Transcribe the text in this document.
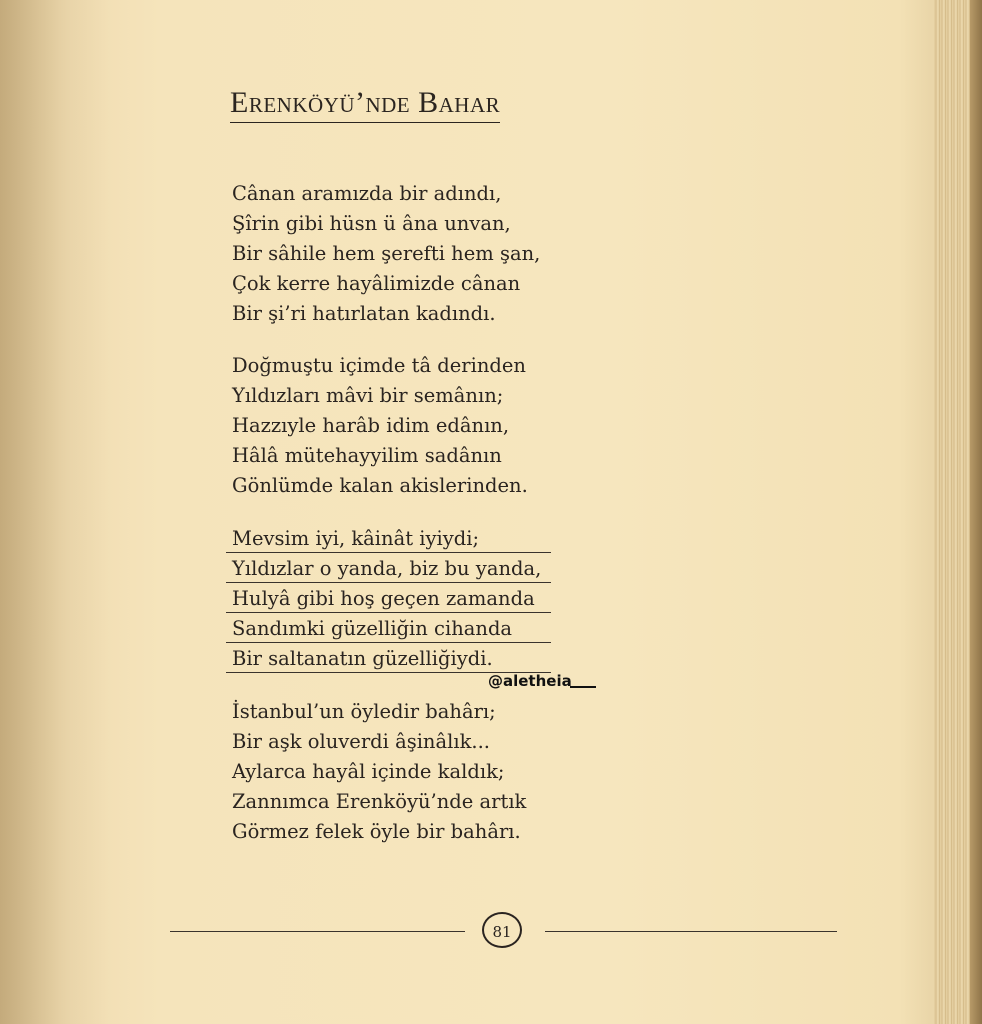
Erenköyü’nde Bahar
Cânan aramızda bir adındı,
Şîrin gibi hüsn ü âna unvan,
Bir sâhile hem şerefti hem şan,
Çok kerre hayâlimizde cânan
Bir şi’ri hatırlatan kadındı.
Doğmuştu içimde tâ derinden
Yıldızları mâvi bir semânın;
Hazzıyle harâb idim edânın,
Hâlâ mütehayyilim sadânın
Gönlümde kalan akislerinden.
Mevsim iyi, kâinât iyiydi;
Yıldızlar o yanda, biz bu yanda,
Hulyâ gibi hoş geçen zamanda
Sandımki güzelliğin cihanda
Bir saltanatın güzelliğiydi.
@aletheia
İstanbul’un öyledir bahârı;
Bir aşk oluverdi âşinâlık...
Aylarca hayâl içinde kaldık;
Zannımca Erenköyü’nde artık
Görmez felek öyle bir bahârı.
81
